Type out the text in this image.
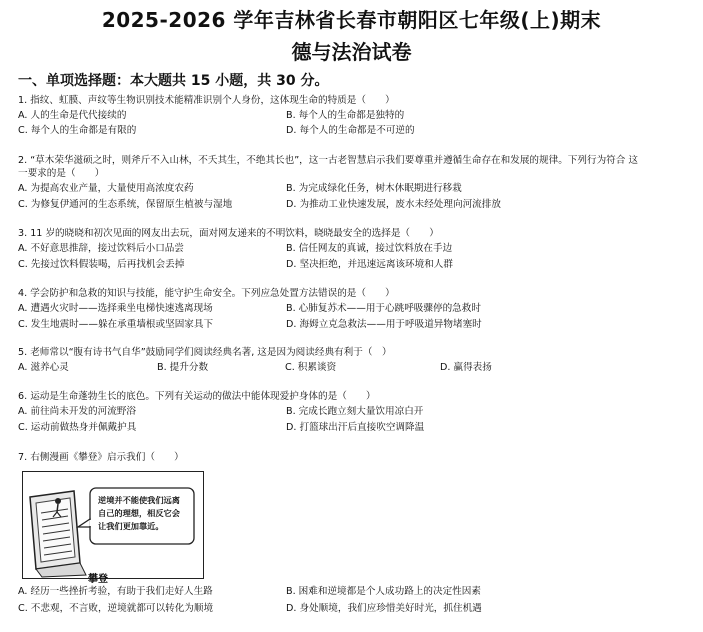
2025-2026 学年吉林省长春市朝阳区七年级(上)期末
德与法治试卷
一、单项选择题：本大题共 15 小题，共 30 分。
1. 指纹、虹膜、声纹等生物识别技术能精准识别个人身份，这体现生命的特质是（　　）
A. 人的生命是代代接续的	B. 每个人的生命都是独特的
C. 每个人的生命都是有限的	D. 每个人的生命都是不可逆的
2. “草木荣华滋硕之时，则斧斤不入山林，不夭其生，不绝其长也”，这一古老智慧启示我们要尊重并遵循生命存在和发展的规律。下列行为符合 这
一要求的是（　　）
A. 为提高农业产量，大量使用高浓度农药	B. 为完成绿化任务，树木休眠期进行移栽
C. 为修复伊通河的生态系统，保留原生植被与湿地	D. 为推动工业快速发展，废水未经处理向河流排放
3. 11 岁的晓晓和初次见面的网友出去玩，面对网友递来的不明饮料，晓晓最安全的选择是（　　）
A. 不好意思推辞，接过饮料后小口品尝	B. 信任网友的真诚，接过饮料放在手边
C. 先接过饮料假装喝，后再找机会丢掉	D. 坚决拒绝，并迅速远离该环境和人群
4. 学会防护和急救的知识与技能，能守护生命安全。下列应急处置方法错误的是（　　）
A. 遭遇火灾时——选择乘坐电梯快速逃离现场	B. 心肺复苏术——用于心跳呼吸骤停的急救时
C. 发生地震时——躲在承重墙根或坚固家具下	D. 海姆立克急救法——用于呼吸道异物堵塞时
5. 老师常以“腹有诗书气自华”鼓励同学们阅读经典名著, 这是因为阅读经典有利于（　）
A. 滋养心灵	B. 提升分数	C. 积累谈资	D. 赢得表扬
6. 运动是生命蓬勃生长的底色。下列有关运动的做法中能体现爱护身体的是（　　）
A. 前往尚未开发的河流野浴	B. 完成长跑立刻大量饮用凉白开
C. 运动前做热身并佩戴护具	D. 打篮球出汗后直接吹空调降温
7. 右侧漫画《攀登》启示我们（　　）
逆境并不能使我们远离自己的理想，相反它会让我们更加靠近。
攀登
A. 经历一些挫折考验，有助于我们走好人生路	B. 困难和逆境都是个人成功路上的决定性因素
C. 不悲观，不言败，逆境就都可以转化为顺境	D. 身处顺境，我们应珍惜美好时光，抓住机遇
